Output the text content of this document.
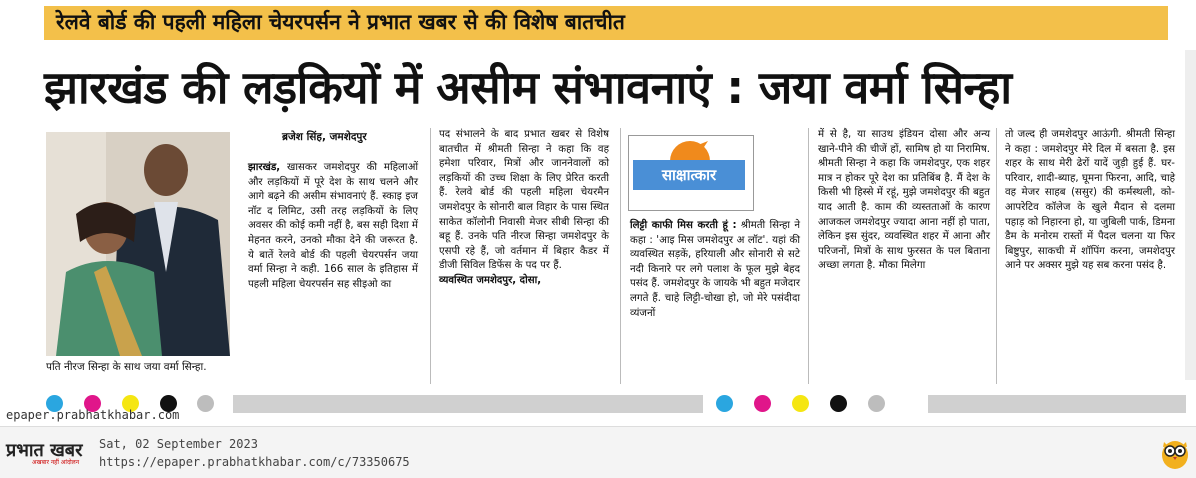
रेलवे बोर्ड की पहली महिला चेयरपर्सन ने प्रभात खबर से की विशेष बातचीत
झारखंड की लड़कियों में असीम संभावनाएं : जया वर्मा सिन्हा
पति नीरज सिन्हा के साथ जया वर्मा सिन्हा.
ब्रजेश सिंह, जमशेदपुर

झारखंड, खासकर जमशेदपुर की महिलाओं और लड़कियों में पूरे देश के साथ चलने और आगे बढ़ने की असीम संभावनाएं हैं. स्काइ इज नॉट द लिमिट, उसी तरह लड़कियों के लिए अवसर की कोई कमी नहीं है, बस सही दिशा में मेहनत करने, उनको मौका देने की जरूरत है. ये बातें रेलवे बोर्ड की पहली चेयरपर्सन जया वर्मा सिन्हा ने कही. 166 साल के इतिहास में पहली महिला चेयरपर्सन सह सीइओ का

पद संभालने के बाद प्रभात खबर से विशेष बातचीत में श्रीमती सिन्हा ने कहा कि वह हमेशा परिवार, मित्रों और जाननेवालों को लड़कियों की उच्च शिक्षा के लिए प्रेरित करती हैं. रेलवे बोर्ड की पहली महिला चेयरमैन जमशेदपुर के सोनारी बाल विहार के पास स्थित साकेत कॉलोनी निवासी मेजर सीबी सिन्हा की बहू हैं. उनके पति नीरज सिन्हा जमशेदपुर के एसपी रहे हैं, जो वर्तमान में बिहार कैडर में डीजी सिविल डिफेंस के पद पर हैं.

व्यवस्थित जमशेदपुर, दोसा,

साक्षात्कार

लिट्टी काफी मिस करती हूं : श्रीमती सिन्हा ने कहा : 'आइ मिस जमशेदपुर अ लॉट'. यहां की व्यवस्थित सड़कें, हरियाली और सोनारी से सटे नदी किनारे पर लगे पलाश के फूल मुझे बेहद पसंद हैं. जमशेदपुर के जायके भी बहुत मजेदार लगते हैं. चाहे लिट्टी-चोखा हो, जो मेरे पसंदीदा व्यंजनों

में से है, या साउथ इंडियन दोसा और अन्य खाने-पीने की चीजें हों, सामिष हो या निरामिष. श्रीमती सिन्हा ने कहा कि जमशेदपुर, एक शहर मात्र न होकर पूरे देश का प्रतिबिंब है. मैं देश के किसी भी हिस्से में रहूं, मुझे जमशेदपुर की बहुत याद आती है. काम की व्यस्तताओं के कारण आजकल जमशेदपुर ज्यादा आना नहीं हो पाता, लेकिन इस सुंदर, व्यवस्थित शहर में आना और परिजनों, मित्रों के साथ फुरसत के पल बिताना अच्छा लगता है. मौका मिलेगा

तो जल्द ही जमशेदपुर आऊंगी. श्रीमती सिन्हा ने कहा : जमशेदपुर मेरे दिल में बसता है. इस शहर के साथ मेरी ढेरों यादें जुड़ी हुई हैं. घर-परिवार, शादी-ब्याह, घूमना फिरना, आदि, चाहे वह मेजर साहब (ससुर) की कर्मस्थली, को-आपरेटिव कॉलेज के खुले मैदान से दलमा पहाड़ को निहारना हो, या जुबिली पार्क, डिमना डैम के मनोरम रास्तों में पैदल चलना या फिर बिष्टुपुर, साकची में शॉपिंग करना, जमशेदपुर आने पर अक्सर मुझे यह सब करना पसंद है.

epaper.prabhatkhabar.com
प्रभात खबर
अखबार नहीं आंदोलन
Sat, 02 September 2023
https://epaper.prabhatkhabar.com/c/73350675
